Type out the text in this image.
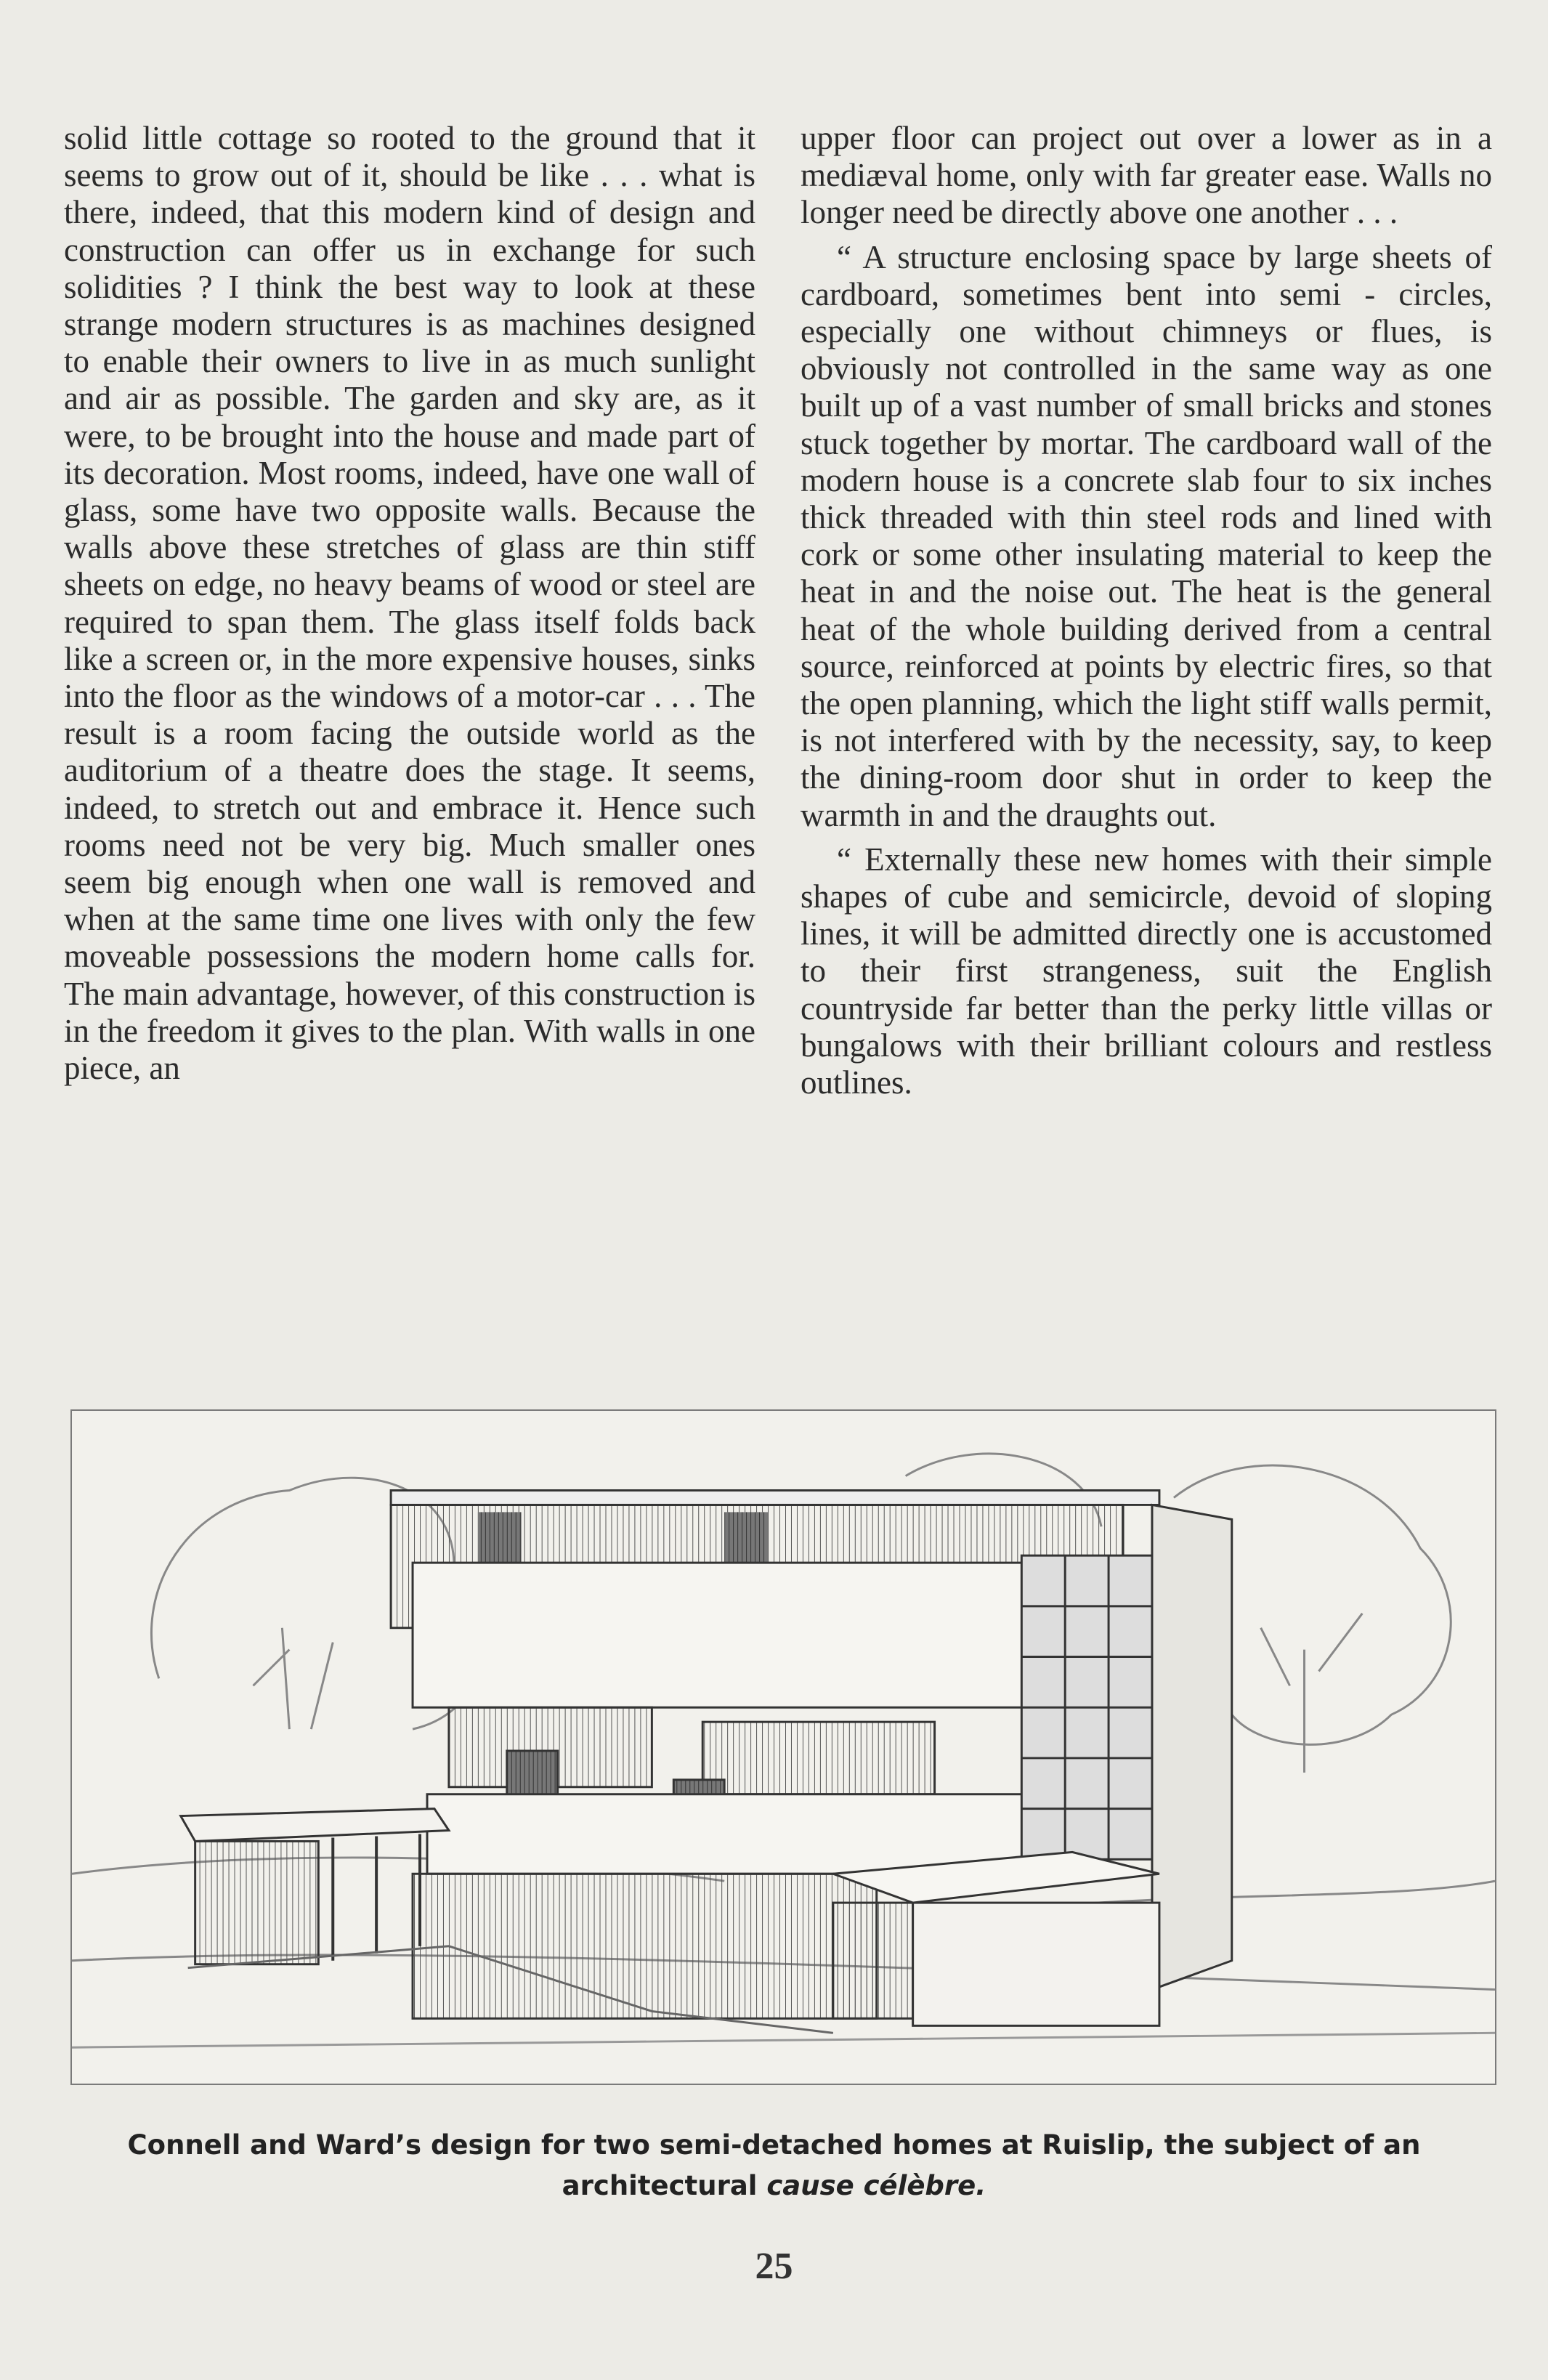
solid little cottage so rooted to the ground that it seems to grow out of it, should be like . . . what is there, indeed, that this modern kind of design and construction can offer us in exchange for such solidities ? I think the best way to look at these strange modern structures is as machines designed to enable their owners to live in as much sunlight and air as possible. The garden and sky are, as it were, to be brought into the house and made part of its decoration. Most rooms, indeed, have one wall of glass, some have two opposite walls. Because the walls above these stretches of glass are thin stiff sheets on edge, no heavy beams of wood or steel are required to span them. The glass itself folds back like a screen or, in the more expensive houses, sinks into the floor as the windows of a motor-car . . . The result is a room facing the outside world as the auditorium of a theatre does the stage. It seems, indeed, to stretch out and embrace it. Hence such rooms need not be very big. Much smaller ones seem big enough when one wall is removed and when at the same time one lives with only the few moveable possessions the modern home calls for. The main advantage, however, of this construction is in the freedom it gives to the plan. With walls in one piece, an

upper floor can project out over a lower as in a mediæval home, only with far greater ease. Walls no longer need be directly above one another . . .

“ A structure enclosing space by large sheets of cardboard, sometimes bent into semi - circles, especially one without chimneys or flues, is obviously not controlled in the same way as one built up of a vast number of small bricks and stones stuck together by mortar. The cardboard wall of the modern house is a concrete slab four to six inches thick threaded with thin steel rods and lined with cork or some other insulating material to keep the heat in and the noise out. The heat is the general heat of the whole building derived from a central source, reinforced at points by electric fires, so that the open planning, which the light stiff walls permit, is not interfered with by the necessity, say, to keep the dining-room door shut in order to keep the warmth in and the draughts out.

“ Externally these new homes with their simple shapes of cube and semicircle, devoid of sloping lines, it will be admitted directly one is accustomed to their first strangeness, suit the English countryside far better than the perky little villas or bungalows with their brilliant colours and restless outlines.

Connell and Ward’s design for two semi-detached homes at Ruislip, the subject of an
architectural cause célèbre.
25
